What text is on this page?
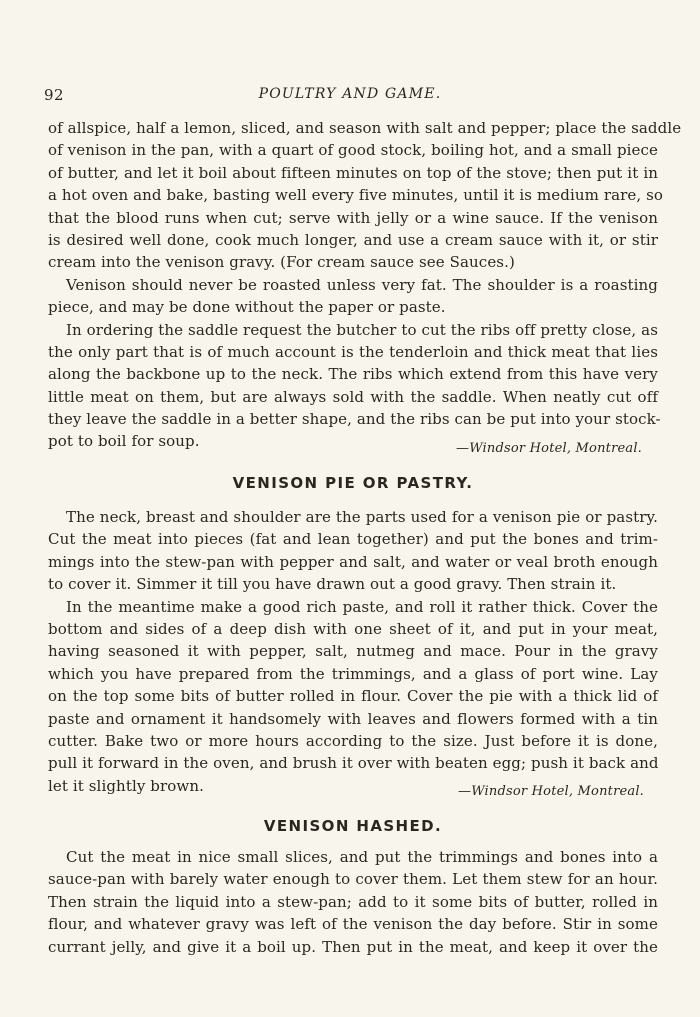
92	POULTRY AND GAME.
of allspice, half a lemon, sliced, and season with salt and pepper; place the saddle
of venison in the pan, with a quart of good stock, boiling hot, and a small piece
of butter, and let it boil about fifteen minutes on top of the stove; then put it in
a hot oven and bake, basting well every five minutes, until it is medium rare, so
that the blood runs when cut; serve with jelly or a wine sauce. If the venison
is desired well done, cook much longer, and use a cream sauce with it, or stir
cream into the venison gravy. (For cream sauce see Sauces.)
Venison should never be roasted unless very fat. The shoulder is a roasting
piece, and may be done without the paper or paste.
In ordering the saddle request the butcher to cut the ribs off pretty close, as
the only part that is of much account is the tenderloin and thick meat that lies
along the backbone up to the neck. The ribs which extend from this have very
little meat on them, but are always sold with the saddle. When neatly cut off
they leave the saddle in a better shape, and the ribs can be put into your stock-
pot to boil for soup.	—Windsor Hotel, Montreal.
VENISON PIE OR PASTRY.
The neck, breast and shoulder are the parts used for a venison pie or pastry.
Cut the meat into pieces (fat and lean together) and put the bones and trim-
mings into the stew-pan with pepper and salt, and water or veal broth enough
to cover it. Simmer it till you have drawn out a good gravy. Then strain it.
In the meantime make a good rich paste, and roll it rather thick. Cover the
bottom and sides of a deep dish with one sheet of it, and put in your meat,
having seasoned it with pepper, salt, nutmeg and mace. Pour in the gravy
which you have prepared from the trimmings, and a glass of port wine. Lay
on the top some bits of butter rolled in flour. Cover the pie with a thick lid of
paste and ornament it handsomely with leaves and flowers formed with a tin
cutter. Bake two or more hours according to the size. Just before it is done,
pull it forward in the oven, and brush it over with beaten egg; push it back and
let it slightly brown.	—Windsor Hotel, Montreal.
VENISON HASHED.
Cut the meat in nice small slices, and put the trimmings and bones into a
sauce-pan with barely water enough to cover them. Let them stew for an hour.
Then strain the liquid into a stew-pan; add to it some bits of butter, rolled in
flour, and whatever gravy was left of the venison the day before. Stir in some
currant jelly, and give it a boil up. Then put in the meat, and keep it over the
